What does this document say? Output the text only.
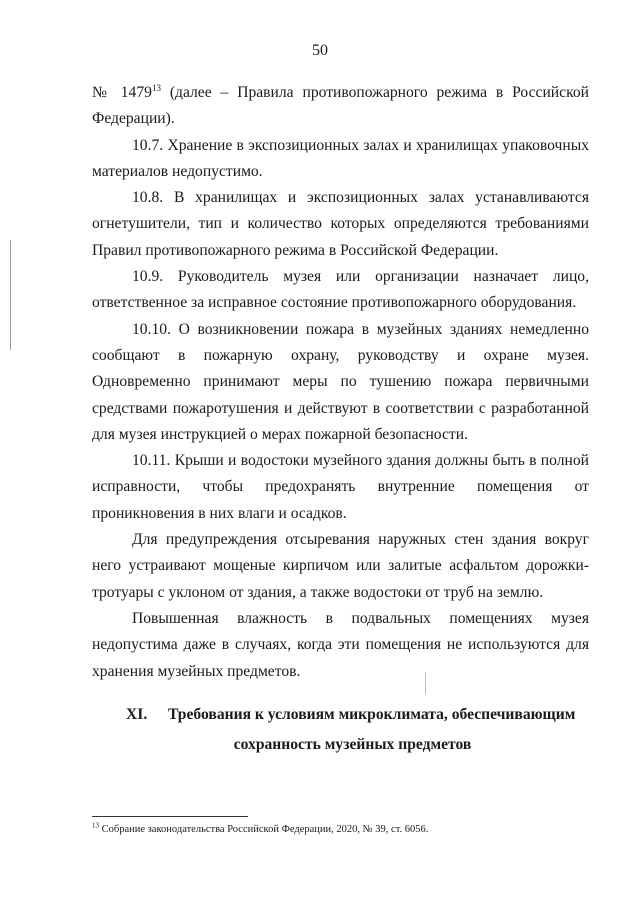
50

№ 1479$^{13}$ (далее – Правила противопожарного режима в Российской Федерации).

10.7. Хранение в экспозиционных залах и хранилищах упаковочных материалов недопустимо.

10.8. В хранилищах и экспозиционных залах устанавливаются огнетушители, тип и количество которых определяются требованиями Правил противопожарного режима в Российской Федерации.

10.9. Руководитель музея или организации назначает лицо, ответственное за исправное состояние противопожарного оборудования.

10.10. О возникновении пожара в музейных зданиях немедленно сообщают в пожарную охрану, руководству и охране музея. Одновременно принимают меры по тушению пожара первичными средствами пожаротушения и действуют в соответствии с разработанной для музея инструкцией о мерах пожарной безопасности.

10.11. Крыши и водостоки музейного здания должны быть в полной исправности, чтобы предохранять внутренние помещения от проникновения в них влаги и осадков.

Для предупреждения отсыревания наружных стен здания вокруг него устраивают мощеные кирпичом или залитые асфальтом дорожки-тротуары с уклоном от здания, а также водостоки от труб на землю.

Повышенная влажность в подвальных помещениях музея недопустима даже в случаях, когда эти помещения не используются для хранения музейных предметов.

XI. Требования к условиям микроклимата, обеспечивающим
сохранность музейных предметов
$^{13}$ Собрание законодательства Российской Федерации, 2020, № 39, ст. 6056.
